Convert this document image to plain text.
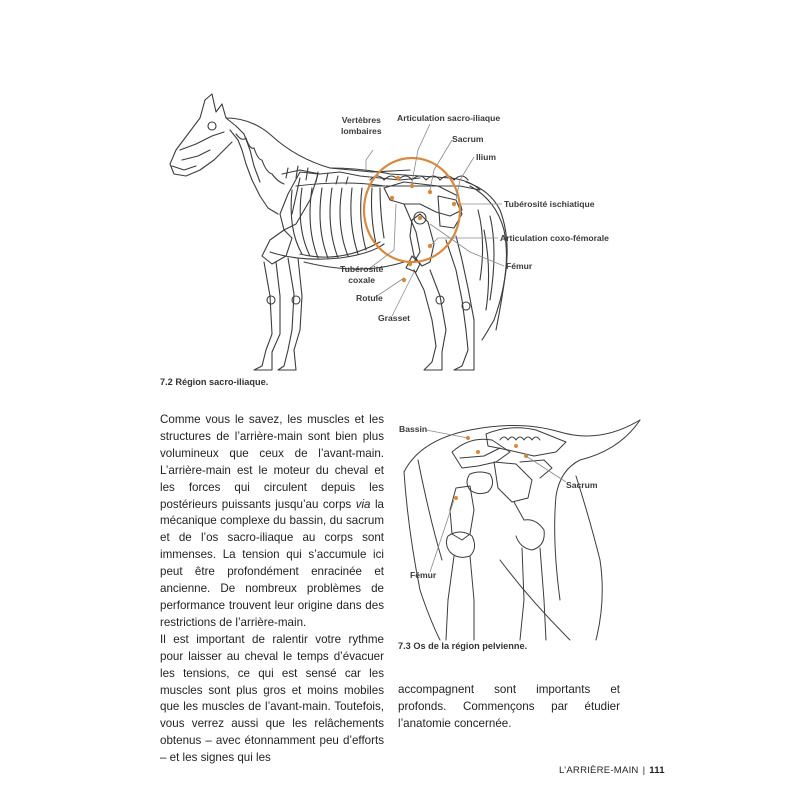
Vertèbres
lombaires
Articulation sacro-iliaque
Sacrum
Ilium
Tubérosité ischiatique
Articulation coxo-fémorale
Fémur
Tubérosité
coxale
Rotule
Grasset
7.2 Région sacro-iliaque.
Bassin
Sacrum
Fémur
7.3 Os de la région pelvienne.

Comme vous le savez, les muscles et les structures de l’arrière-main sont bien plus volumineux que ceux de l’avant-main. L’arrière-main est le moteur du cheval et les forces qui circulent depuis les postérieurs puissants jusqu’au corps via la mécanique complexe du bassin, du sacrum et de l’os sacro-iliaque au corps sont immenses. La tension qui s’accumule ici peut être profondément enracinée et ancienne. De nombreux problèmes de performance trouvent leur origine dans des restrictions de l’arrière-main.

Il est important de ralentir votre rythme pour laisser au cheval le temps d’évacuer les tensions, ce qui est sensé car les muscles sont plus gros et moins mobiles que les muscles de l’avant-main. Toutefois, vous verrez aussi que les relâchements obtenus – avec étonnamment peu d’efforts – et les signes qui les

accompagnent sont importants et profonds. Commençons par étudier l’anatomie concernée.

L’ARRIÈRE-MAIN | 111
